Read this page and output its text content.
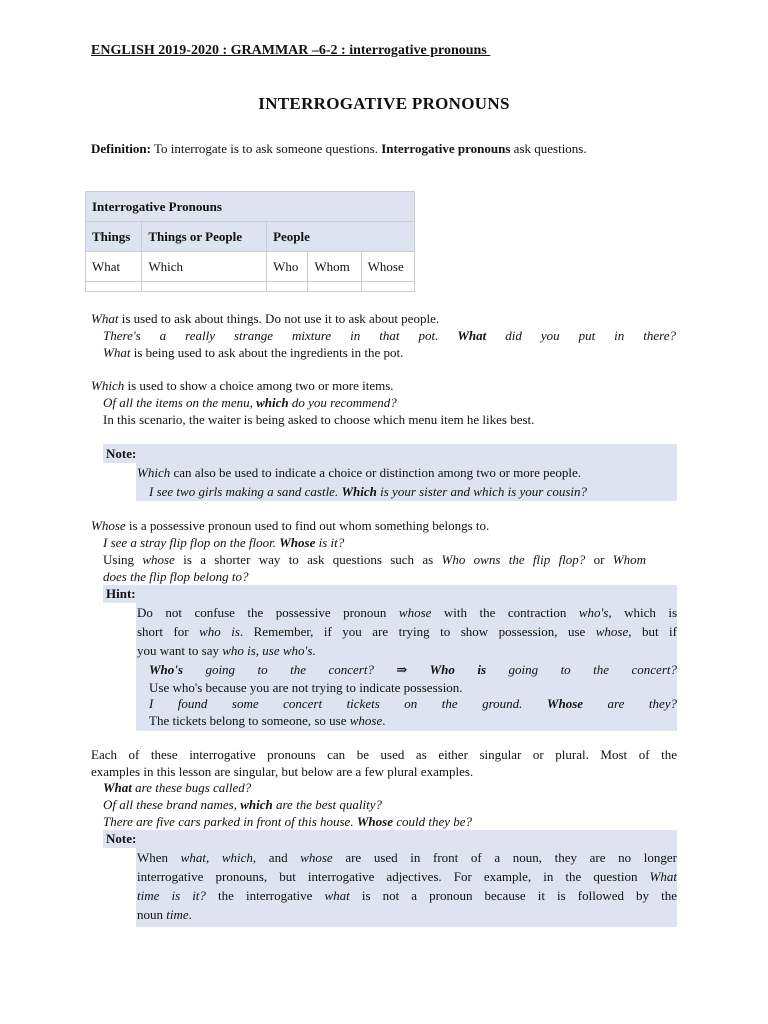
ENGLISH 2019-2020 : GRAMMAR –6-2 : interrogative pronouns
INTERROGATIVE PRONOUNS
Definition: To interrogate is to ask someone questions. Interrogative pronouns ask questions.
Interrogative Pronouns				
Things	Things or People	People		
What	Which	Who	Whom	Whose

What is used to ask about things. Do not use it to ask about people.
There's a really strange mixture in that pot. What did you put in there?
What is being used to ask about the ingredients in the pot.
Which is used to show a choice among two or more items.
Of all the items on the menu, which do you recommend?
In this scenario, the waiter is being asked to choose which menu item he likes best.
Note:
Which can also be used to indicate a choice or distinction among two or more people.
I see two girls making a sand castle. Which is your sister and which is your cousin?
Whose is a possessive pronoun used to find out whom something belongs to.
I see a stray flip flop on the floor. Whose is it?
Using whose is a shorter way to ask questions such as Who owns the flip flop? or Whom
does the flip flop belong to?
Hint:
Do not confuse the possessive pronoun whose with the contraction who's, which is
short for who is. Remember, if you are trying to show possession, use whose, but if
you want to say who is, use who's.
Who's going to the concert? ⇒ Who is going to the concert?
Use who's because you are not trying to indicate possession.
I found some concert tickets on the ground. Whose are they?
The tickets belong to someone, so use whose.
Each of these interrogative pronouns can be used as either singular or plural. Most of the
examples in this lesson are singular, but below are a few plural examples.
What are these bugs called?
Of all these brand names, which are the best quality?
There are five cars parked in front of this house. Whose could they be?
Note:
When what, which, and whose are used in front of a noun, they are no longer
interrogative pronouns, but interrogative adjectives. For example, in the question What
time is it? the interrogative what is not a pronoun because it is followed by the
noun time.
